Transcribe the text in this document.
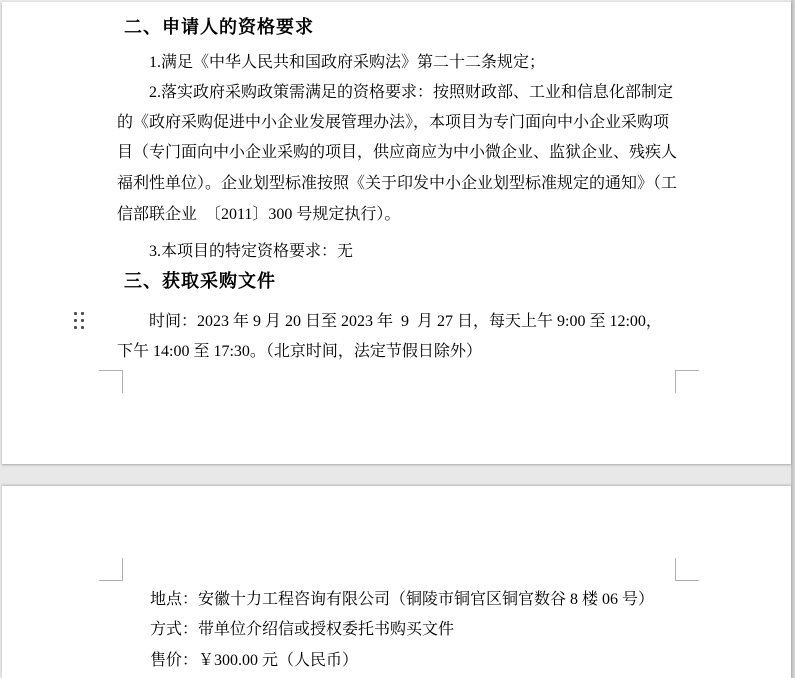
二、申请人的资格要求
1.满足《中华人民共和国政府采购法》第二十二条规定；
2.落实政府采购政策需满足的资格要求：按照财政部、工业和信息化部制定
的《政府采购促进中小企业发展管理办法》，本项目为专门面向中小企业采购项
目（专门面向中小企业采购的项目，供应商应为中小微企业、监狱企业、残疾人
福利性单位）。企业划型标准按照《关于印发中小企业划型标准规定的通知》（工
信部联企业  〔2011〕300 号规定执行）。
3.本项目的特定资格要求：无
三、获取采购文件
时间：2023 年 9 月 20 日至 2023 年  9  月 27 日，每天上午 9:00 至 12:00，
下午 14:00 至 17:30。（北京时间，法定节假日除外）
地点：安徽十力工程咨询有限公司（铜陵市铜官区铜官数谷 8 楼 06 号）
方式：带单位介绍信或授权委托书购买文件
售价：￥300.00 元（人民币）
